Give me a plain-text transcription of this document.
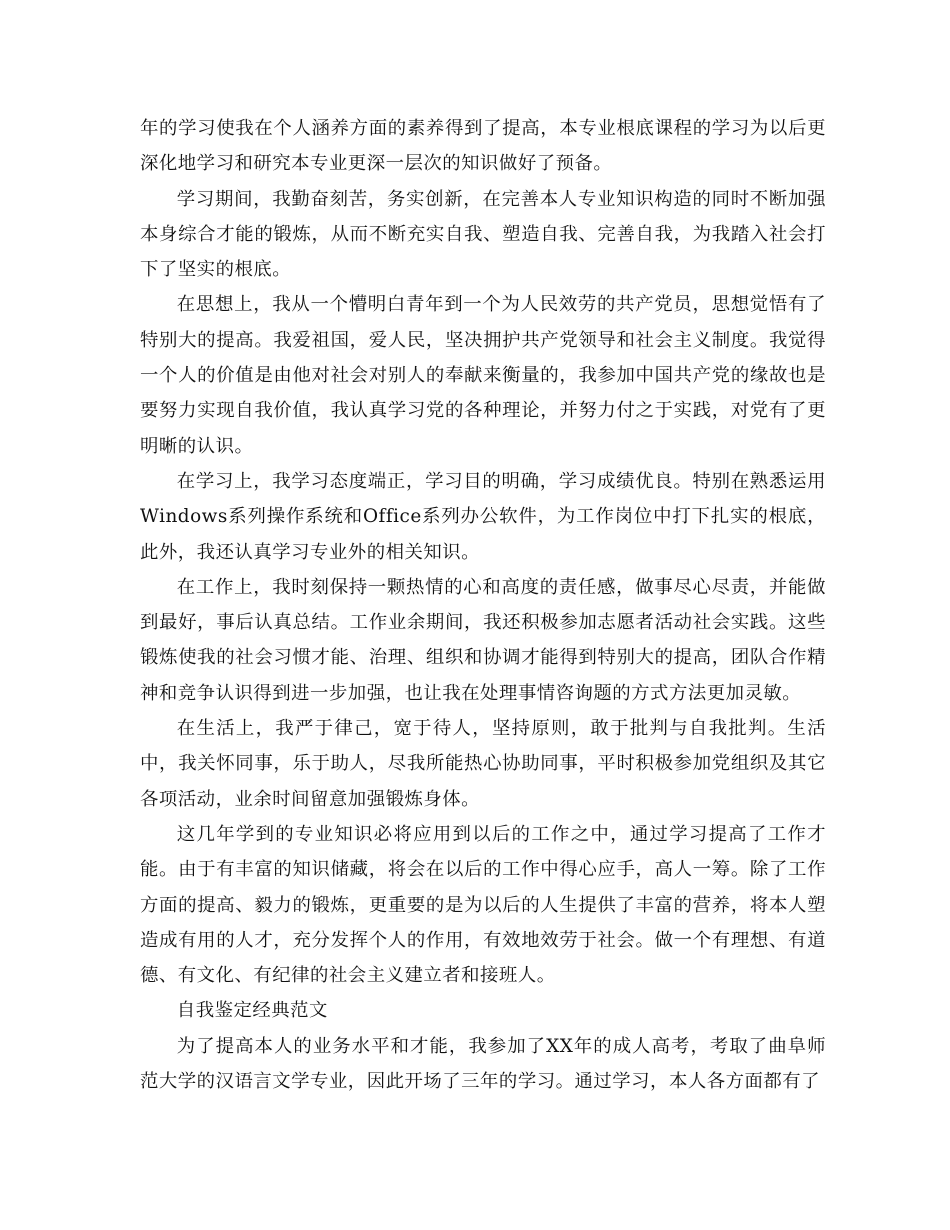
年的学习使我在个人涵养方面的素养得到了提高，本专业根底课程的学习为以后更深化地学习和研究本专业更深一层次的知识做好了预备。

学习期间，我勤奋刻苦，务实创新，在完善本人专业知识构造的同时不断加强本身综合才能的锻炼，从而不断充实自我、塑造自我、完善自我，为我踏入社会打下了坚实的根底。

在思想上，我从一个懵明白青年到一个为人民效劳的共产党员，思想觉悟有了特别大的提高。我爱祖国，爱人民，坚决拥护共产党领导和社会主义制度。我觉得一个人的价值是由他对社会对别人的奉献来衡量的，我参加中国共产党的缘故也是要努力实现自我价值，我认真学习党的各种理论，并努力付之于实践，对党有了更明晰的认识。

在学习上，我学习态度端正，学习目的明确，学习成绩优良。特别在熟悉运用Windows系列操作系统和Office系列办公软件，为工作岗位中打下扎实的根底，此外，我还认真学习专业外的相关知识。

在工作上，我时刻保持一颗热情的心和高度的责任感，做事尽心尽责，并能做到最好，事后认真总结。工作业余期间，我还积极参加志愿者活动社会实践。这些锻炼使我的社会习惯才能、治理、组织和协调才能得到特别大的提高，团队合作精神和竞争认识得到进一步加强，也让我在处理事情咨询题的方式方法更加灵敏。

在生活上，我严于律己，宽于待人，坚持原则，敢于批判与自我批判。生活中，我关怀同事，乐于助人，尽我所能热心协助同事，平时积极参加党组织及其它各项活动，业余时间留意加强锻炼身体。

这几年学到的专业知识必将应用到以后的工作之中，通过学习提高了工作才能。由于有丰富的知识储藏，将会在以后的工作中得心应手，高人一筹。除了工作方面的提高、毅力的锻炼，更重要的是为以后的人生提供了丰富的营养，将本人塑造成有用的人才，充分发挥个人的作用，有效地效劳于社会。做一个有理想、有道德、有文化、有纪律的社会主义建立者和接班人。

自我鉴定经典范文

为了提高本人的业务水平和才能，我参加了XX年的成人高考，考取了曲阜师范大学的汉语言文学专业，因此开场了三年的学习。通过学习，本人各方面都有了
